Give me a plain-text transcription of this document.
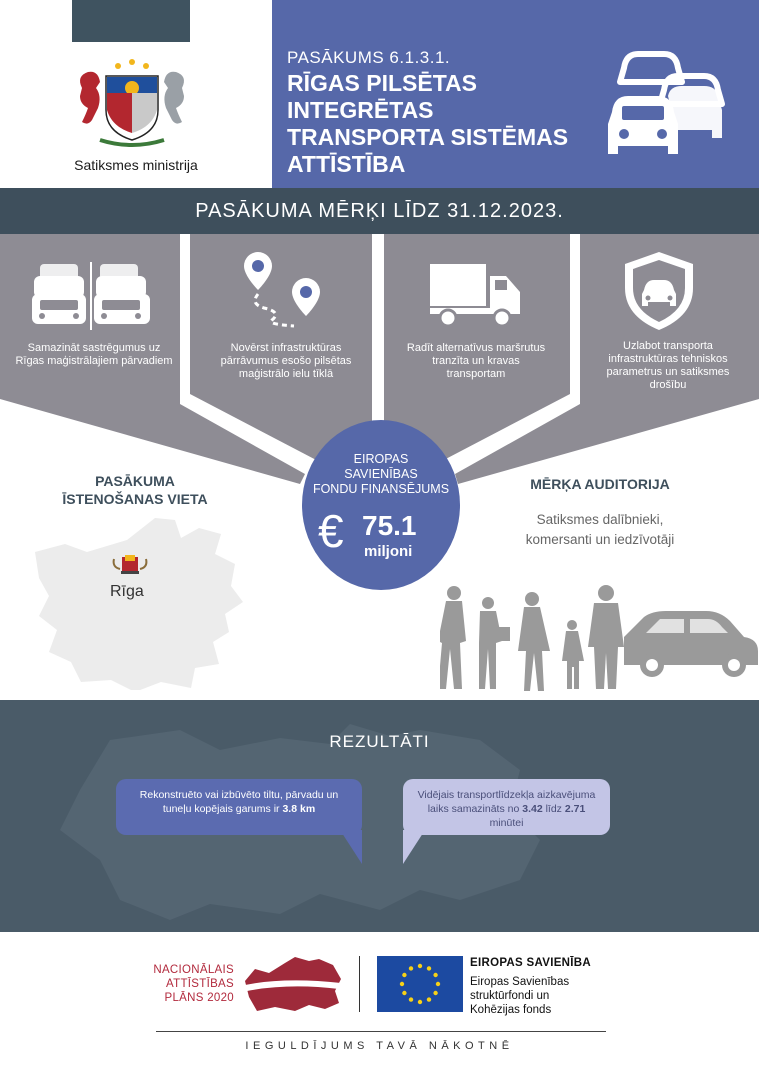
Satiksmes ministrija
PASĀKUMS 6.1.3.1.
RĪGAS PILSĒTAS INTEGRĒTAS
TRANSPORTA SISTĒMAS
ATTĪSTĪBA
PASĀKUMA MĒRĶI LĪDZ 31.12.2023.
Samazināt sastrēgumus uz Rīgas maģistrālajiem pārvadiem
Novērst infrastruktūras pārrāvumus esošo pilsētas maģistrālo ielu tīklā
Radīt alternatīvus maršrutus tranzīta un kravas transportam
Uzlabot transporta infrastruktūras tehniskos parametrus un satiksmes drošību
PASĀKUMA
ĪSTENOŠANAS VIETA
Rīga
EIROPAS
SAVIENĪBAS
FONDU FINANSĒJUMS
€ 75.1
miljoni
MĒRĶA AUDITORIJA
Satiksmes dalībnieki,
komersanti un iedzīvotāji
REZULTĀTI
Rekonstruēto vai izbūvēto tiltu, pārvadu un tuneļu kopējais garums ir 3.8 km
Vidējais transportlīdzekļa aizkavējuma laiks samazināts no 3.42 līdz 2.71 minūtei
NACIONĀLAIS
ATTĪSTĪBAS
PLĀNS 2020
EIROPAS SAVIENĪBA
Eiropas Savienības
struktūrfondi un
Kohēzijas fonds
IEGULDĪJUMS TAVĀ NĀKOTNĒ
